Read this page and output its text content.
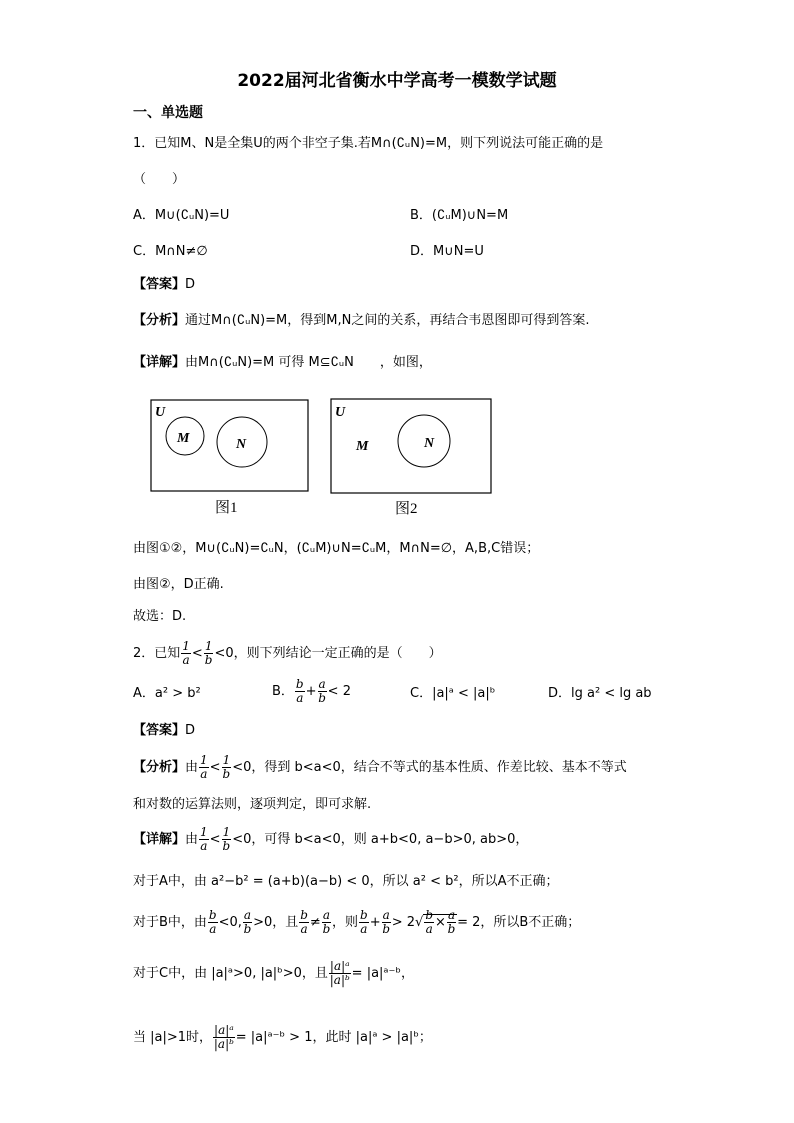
2022届河北省衡水中学高考一模数学试题
一、单选题
1．已知M、N是全集U的两个非空子集.若M∩(∁ᵤN)=M，则下列说法可能正确的是
（　　）
A．M∪(∁ᵤN)=U	B．(∁ᵤM)∪N=M
C．M∩N≠∅	D．M∪N=U
【答案】D
【分析】通过M∩(∁ᵤN)=M，得到M,N之间的关系，再结合韦恩图即可得到答案.
【详解】由M∩(∁ᵤN)=M 可得 M⊆∁ᵤN　　，如图，
U
M	N
图1
U
M	N
图2
由图①②，M∪(∁ᵤN)=∁ᵤN，(∁ᵤM)∪N=∁ᵤM，M∩N=∅，A,B,C错误；
由图②，D正确.
故选：D.
2．已知 $\frac{1}{a} < \frac{1}{b} <0$，则下列结论一定正确的是（　　）
A．a² > b²	B． $\frac{b}{a} + \frac{a}{b} < 2$	C．|a|ᵃ < |a|ᵇ	D．lg a² < lg ab
【答案】D
【分析】由 $\frac{1}{a} < \frac{1}{b} <0$，得到 b<a<0，结合不等式的基本性质、作差比较、基本不等式
和对数的运算法则，逐项判定，即可求解.
【详解】由 $\frac{1}{a} < \frac{1}{b} <0$，可得 b<a<0，则 a+b<0, a−b>0, ab>0，
对于A中，由 a²−b² = (a+b)(a−b) < 0，所以 a² < b²，所以A不正确；
对于B中，由 $\frac{b}{a} <0$, $\frac{a}{b} >0$，且 $\frac{b}{a} \ne \frac{a}{b}$ ，则 $\frac{b}{a} + \frac{a}{b} > 2√ \frac{b}{a} \times \frac{a}{b} = 2$，所以B不正确；
对于C中，由 |a|ᵃ>0, |a|ᵇ>0，且 $\frac{\text{|a|ᵃ}}{\text{|a|ᵇ}}$ = |a|ᵃ⁻ᵇ，
当 |a|>1时， $\frac{\text{|a|ᵃ}}{\text{|a|ᵇ}}$ = |a|ᵃ⁻ᵇ > 1，此时 |a|ᵃ > |a|ᵇ；
